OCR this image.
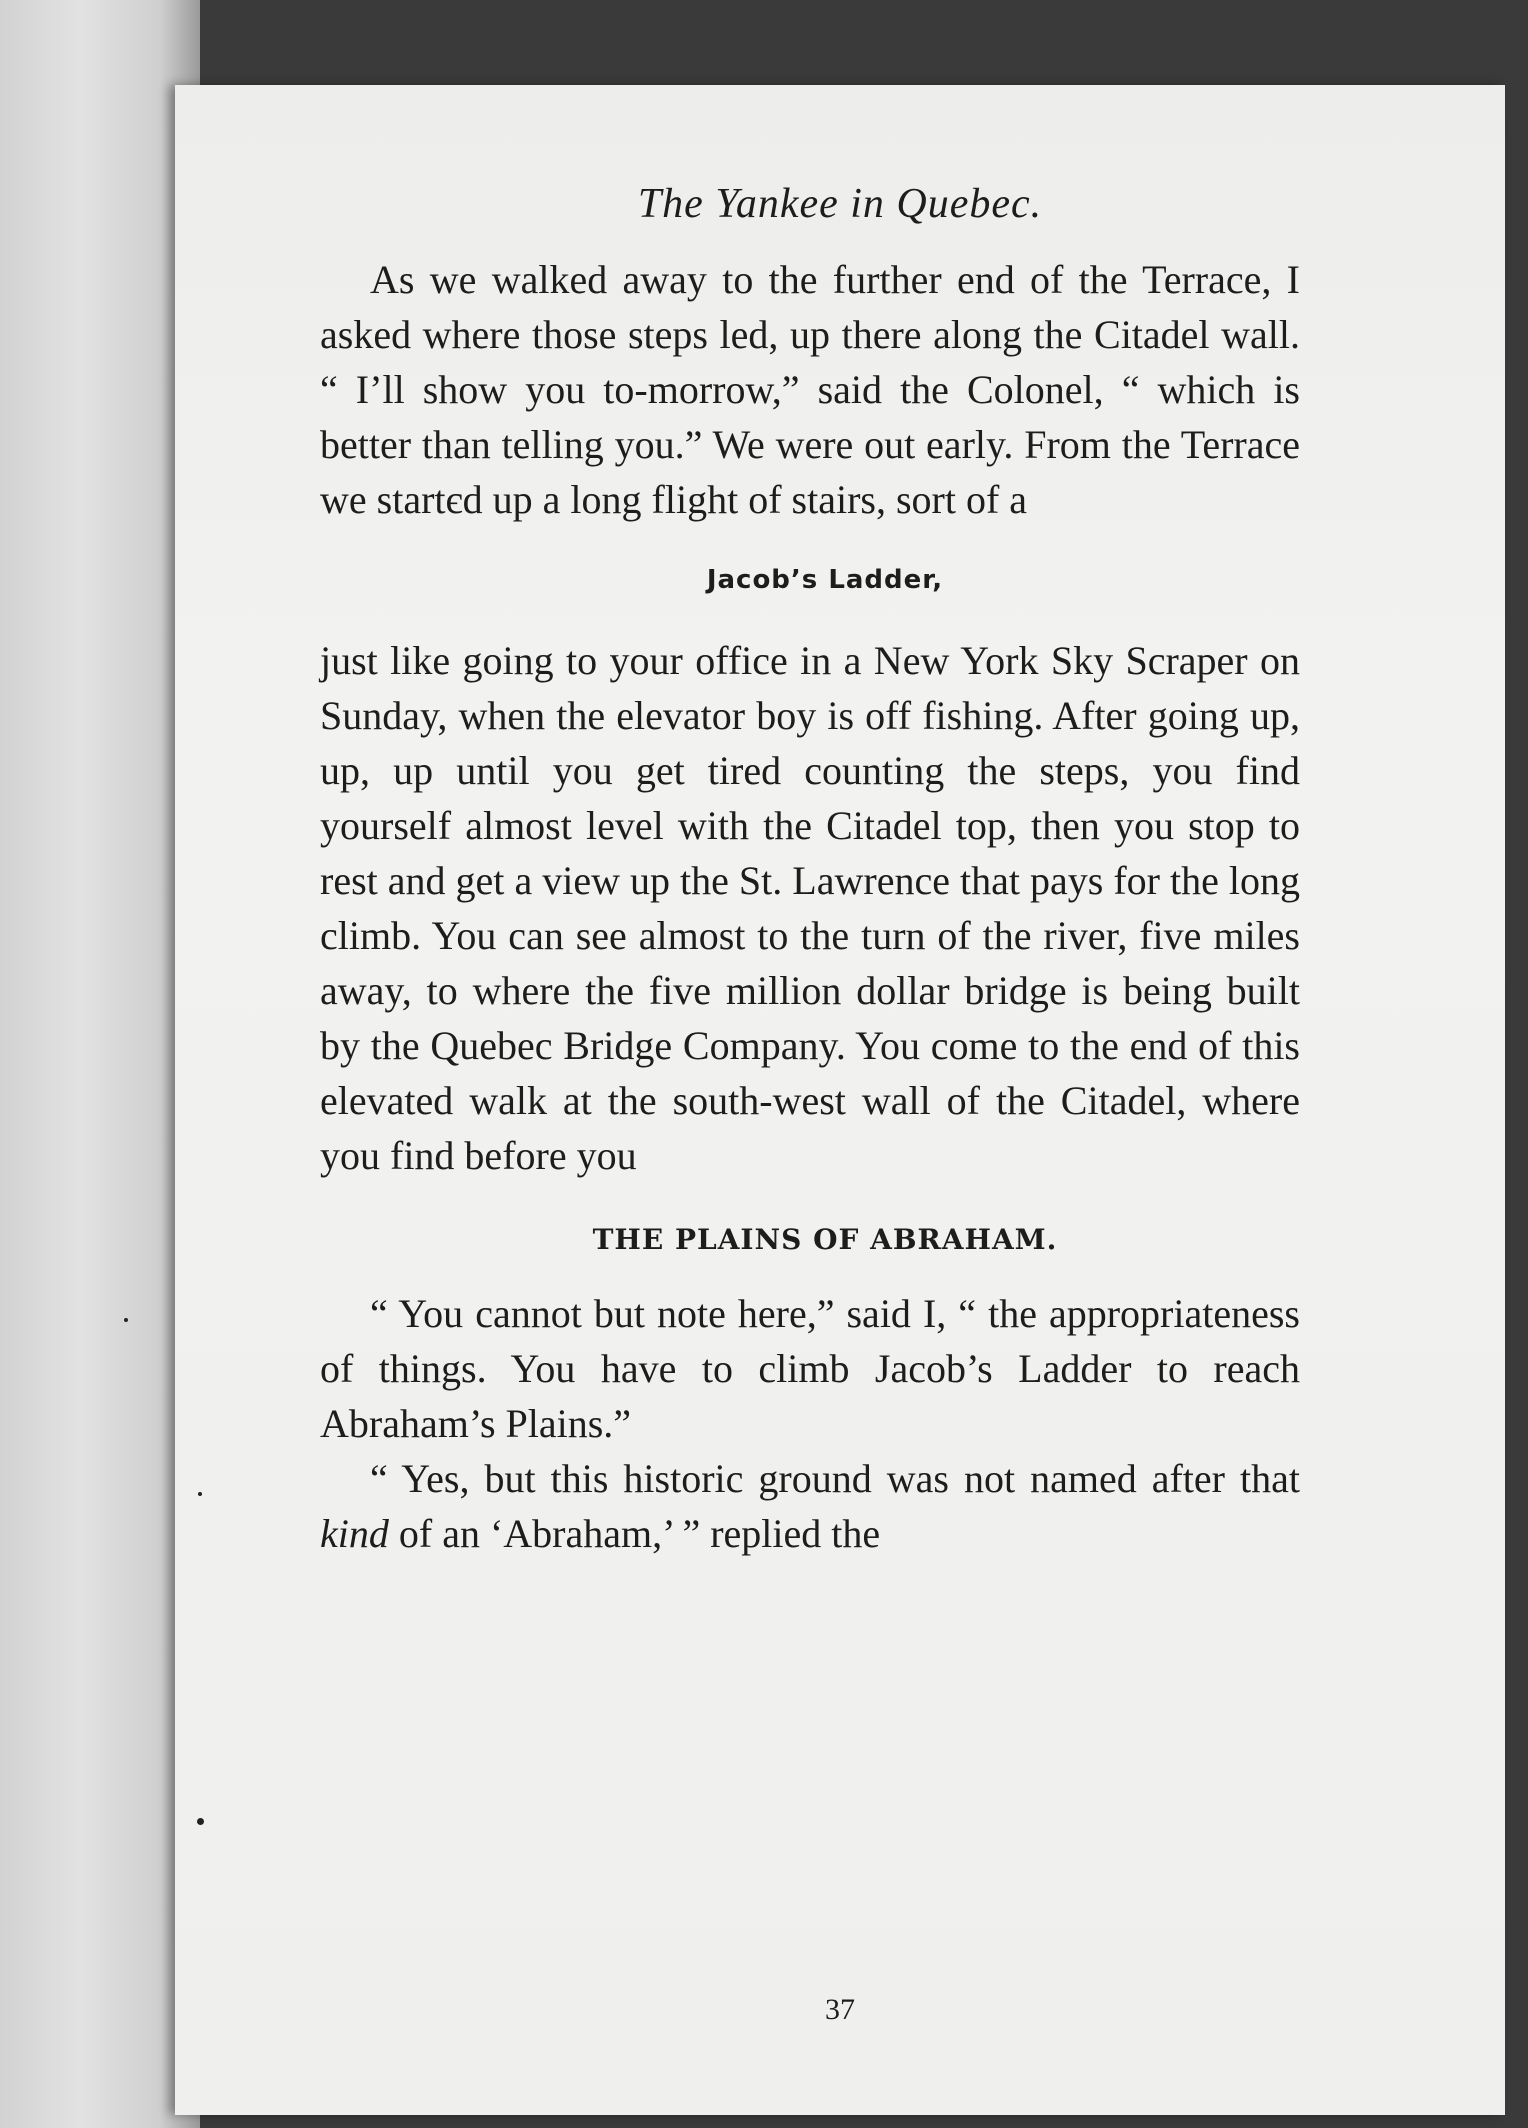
The Yankee in Quebec.

As we walked away to the further end of the Terrace, I asked where those steps led, up there along the Citadel wall. “ I’ll show you to-morrow,” said the Colonel, “ which is better than telling you.” We were out early. From the Terrace we startєd up a long flight of stairs, sort of a

Jacob’s Ladder,

just like going to your office in a New York Sky Scraper on Sunday, when the elevator boy is off fishing. After going up, up, up until you get tired counting the steps, you find yourself almost level with the Citadel top, then you stop to rest and get a view up the St. Lawrence that pays for the long climb. You can see almost to the turn of the river, five miles away, to where the five million dollar bridge is being built by the Quebec Bridge Company. You come to the end of this elevated walk at the south-west wall of the Citadel, where you find before you

THE PLAINS OF ABRAHAM.

“ You cannot but note here,” said I, “ the appropriateness of things. You have to climb Jacob’s Ladder to reach Abraham’s Plains.”

“ Yes, but this historic ground was not named after that kind of an ‘Abraham,’ ” replied the

37
